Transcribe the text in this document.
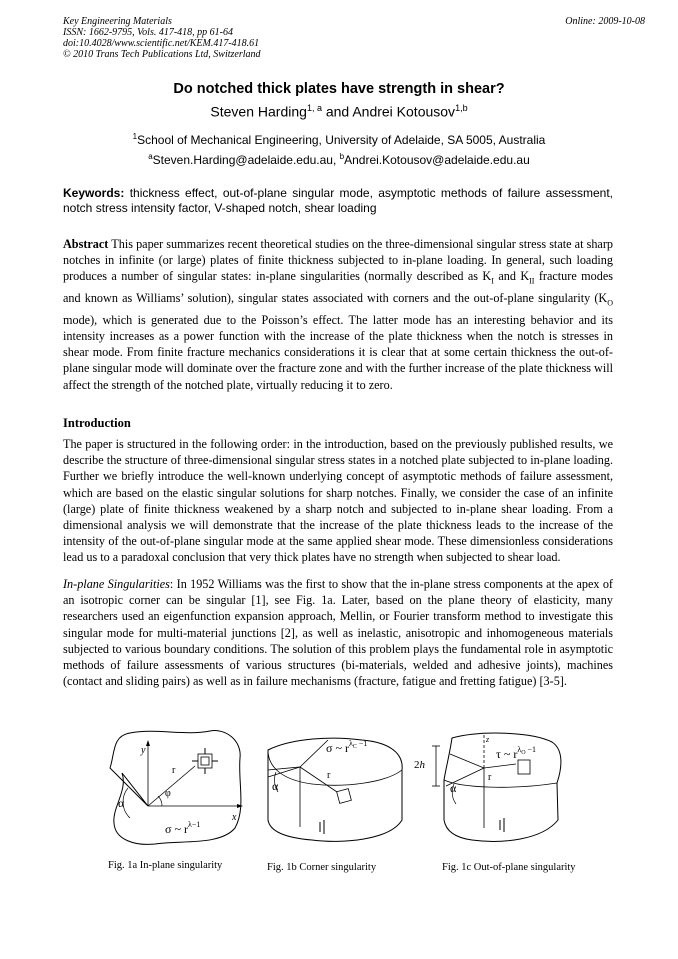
Key Engineering Materials
ISSN: 1662-9795, Vols. 417-418, pp 61-64
doi:10.4028/www.scientific.net/KEM.417-418.61
© 2010 Trans Tech Publications Ltd, Switzerland
Online: 2009-10-08
Do notched thick plates have strength in shear?
Steven Harding$^{1, a}$ and Andrei Kotousov$^{1,b}$
$^1$School of Mechanical Engineering, University of Adelaide, SA 5005, Australia
$^a$Steven.Harding@adelaide.edu.au, $^b$Andrei.Kotousov@adelaide.edu.au
Keywords: thickness effect, out-of-plane singular mode, asymptotic methods of failure assessment, notch stress intensity factor, V-shaped notch, shear loading
Abstract This paper summarizes recent theoretical studies on the three-dimensional singular stress state at sharp notches in infinite (or large) plates of finite thickness subjected to in-plane loading. In general, such loading produces a number of singular states: in-plane singularities (normally described as $K_I$ and $K_{II}$ fracture modes and known as Williams’ solution), singular states associated with corners and the out-of-plane singularity ($K_O$ mode), which is generated due to the Poisson’s effect. The latter mode has an interesting behavior and its intensity increases as a power function with the increase of the plate thickness when the notch is stresses in shear mode. From finite fracture mechanics considerations it is clear that at some certain thickness the out-of-plane singular mode will dominate over the fracture zone and with the further increase of the plate thickness will affect the strength of the notched plate, virtually reducing it to zero.
Introduction
The paper is structured in the following order: in the introduction, based on the previously published results, we describe the structure of three-dimensional singular stress states in a notched plate subjected to in-plane loading. Further we briefly introduce the well-known underlying concept of asymptotic methods of failure assessment, which are based on the elastic singular solutions for sharp notches. Finally, we consider the case of an infinite (large) plate of finite thickness weakened by a sharp notch and subjected to in-plane shear loading. From a dimensional analysis we will demonstrate that the increase of the plate thickness leads to the increase of the intensity of the out-of-plane singular mode at the same applied shear mode. These dimensionless considerations lead us to a paradoxal conclusion that very thick plates have no strength when subjected to shear load.
In-plane Singularities: In 1952 Williams was the first to show that the in-plane stress components at the apex of an isotropic corner can be singular [1], see Fig. 1a. Later, based on the plane theory of elasticity, many researchers used an eigenfunction expansion approach, Mellin, or Fourier transform method to investigate this singular mode for multi-material junctions [2], as well as inelastic, anisotropic and inhomogeneous materials subjected to various boundary conditions. The solution of this problem plays the fundamental role in asymptotic methods of failure assessments of various structures (bi-materials, welded and adhesive joints), machines (contact and sliding pairs) as well as in failure mechanisms (fracture, fatigue and fretting fatigue) [3-5].
y
x
r
φ
α
σ ~ $r^{\lambda-1}$
Fig. 1a In-plane singularity
σ ~ $r^\lambda C -1$
r
α
Fig. 1b Corner singularity
2h
z
τ ~ $r^\lambda O -1$
r
α
Fig. 1c Out-of-plane singularity
